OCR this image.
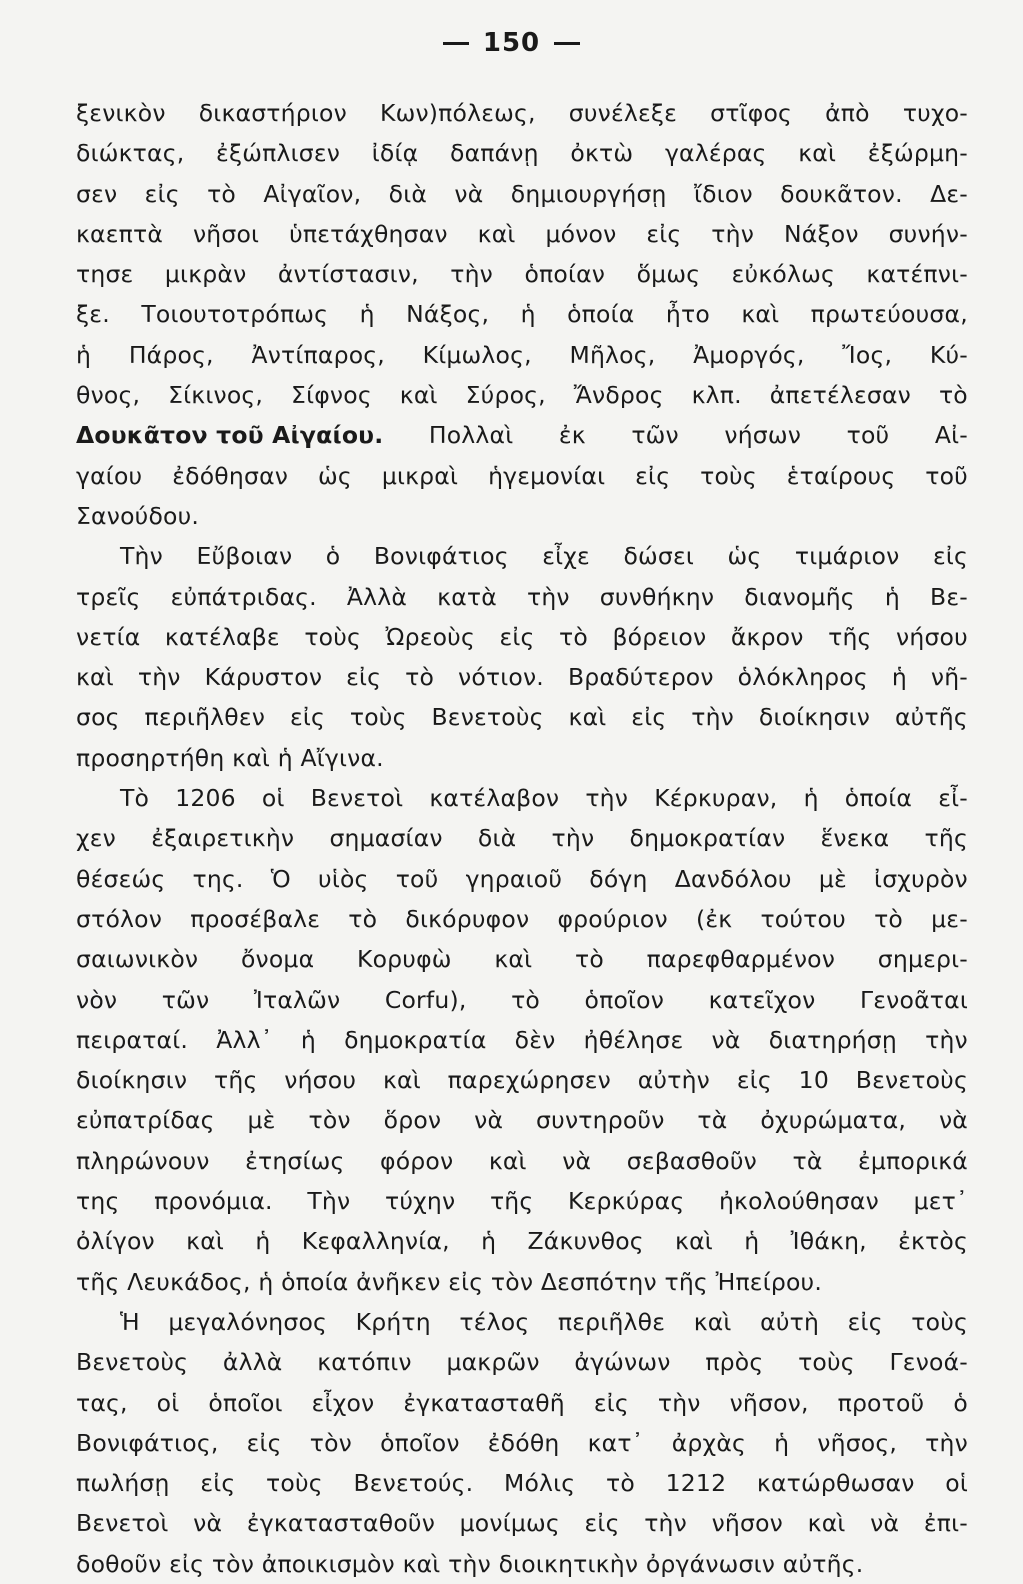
150
ξενικὸν δικαστήριον Κων)πόλεως, συνέλεξε στῖφος ἀπὸ τυχο-
διώκτας, ἐξώπλισεν ἰδίᾳ δαπάνῃ ὀκτὼ γαλέρας καὶ ἐξώρμη-
σεν εἰς τὸ Αἰγαῖον, διὰ νὰ δημιουργήσῃ ἴδιον δουκᾶτον. Δε-
καεπτὰ νῆσοι ὑπετάχθησαν καὶ μόνον εἰς τὴν Νάξον συνήν-
τησε μικρὰν ἀντίστασιν, τὴν ὁποίαν ὅμως εὐκόλως κατέπνι-
ξε. Τοιουτοτρόπως ἡ Νάξος, ἡ ὁποία ἦτο καὶ πρωτεύουσα,
ἡ Πάρος, Ἀντίπαρος, Κίμωλος, Μῆλος, Ἀμοργός, Ἴος, Κύ-
θνος, Σίκινος, Σίφνος καὶ Σύρος, Ἄνδρος κλπ. ἀπετέλεσαν τὸ
Δουκᾶτον τοῦ Αἰγαίου. Πολλαὶ ἐκ τῶν νήσων τοῦ Αἰ-
γαίου ἐδόθησαν ὡς μικραὶ ἡγεμονίαι εἰς τοὺς ἑταίρους τοῦ
Σανούδου.
Τὴν Εὔβοιαν ὁ Βονιφάτιος εἶχε δώσει ὡς τιμάριον εἰς
τρεῖς εὐπάτριδας. Ἀλλὰ κατὰ τὴν συνθήκην διανομῆς ἡ Βε-
νετία κατέλαβε τοὺς Ὠρεοὺς εἰς τὸ βόρειον ἄκρον τῆς νήσου
καὶ τὴν Κάρυστον εἰς τὸ νότιον. Βραδύτερον ὁλόκληρος ἡ νῆ-
σος περιῆλθεν εἰς τοὺς Βενετοὺς καὶ εἰς τὴν διοίκησιν αὐτῆς
προσηρτήθη καὶ ἡ Αἴγινα.
Τὸ 1206 οἱ Βενετοὶ κατέλαβον τὴν Κέρκυραν, ἡ ὁποία εἶ-
χεν ἐξαιρετικὴν σημασίαν διὰ τὴν δημοκρατίαν ἕνεκα τῆς
θέσεώς της. Ὁ υἱὸς τοῦ γηραιοῦ δόγη Δανδόλου μὲ ἰσχυρὸν
στόλον προσέβαλε τὸ δικόρυφον φρούριον (ἐκ τούτου τὸ με-
σαιωνικὸν ὄνομα Κορυφὼ καὶ τὸ παρεφθαρμένον σημερι-
νὸν τῶν Ἰταλῶν Corfu), τὸ ὁποῖον κατεῖχον Γενοᾶται
πειραταί. Ἀλλ᾿ ἡ δημοκρατία δὲν ἠθέλησε νὰ διατηρήσῃ τὴν
διοίκησιν τῆς νήσου καὶ παρεχώρησεν αὐτὴν εἰς 10 Βενετοὺς
εὐπατρίδας μὲ τὸν ὅρον νὰ συντηροῦν τὰ ὀχυρώματα, νὰ
πληρώνουν ἐτησίως φόρον καὶ νὰ σεβασθοῦν τὰ ἐμπορικά
της προνόμια. Τὴν τύχην τῆς Κερκύρας ἠκολούθησαν μετ᾿
ὀλίγον καὶ ἡ Κεφαλληνία, ἡ Ζάκυνθος καὶ ἡ Ἰθάκη, ἐκτὸς
τῆς Λευκάδος, ἡ ὁποία ἀνῆκεν εἰς τὸν Δεσπότην τῆς Ἠπείρου.
Ἡ μεγαλόνησος Κρήτη τέλος περιῆλθε καὶ αὐτὴ εἰς τοὺς
Βενετοὺς ἀλλὰ κατόπιν μακρῶν ἀγώνων πρὸς τοὺς Γενοά-
τας, οἱ ὁποῖοι εἶχον ἐγκατασταθῆ εἰς τὴν νῆσον, προτοῦ ὁ
Βονιφάτιος, εἰς τὸν ὁποῖον ἐδόθη κατ᾿ ἀρχὰς ἡ νῆσος, τὴν
πωλήσῃ εἰς τοὺς Βενετούς. Μόλις τὸ 1212 κατώρθωσαν οἱ
Βενετοὶ νὰ ἐγκατασταθοῦν μονίμως εἰς τὴν νῆσον καὶ νὰ ἐπι-
δοθοῦν εἰς τὸν ἀποικισμὸν καὶ τὴν διοικητικὴν ὀργάνωσιν αὐτῆς.
